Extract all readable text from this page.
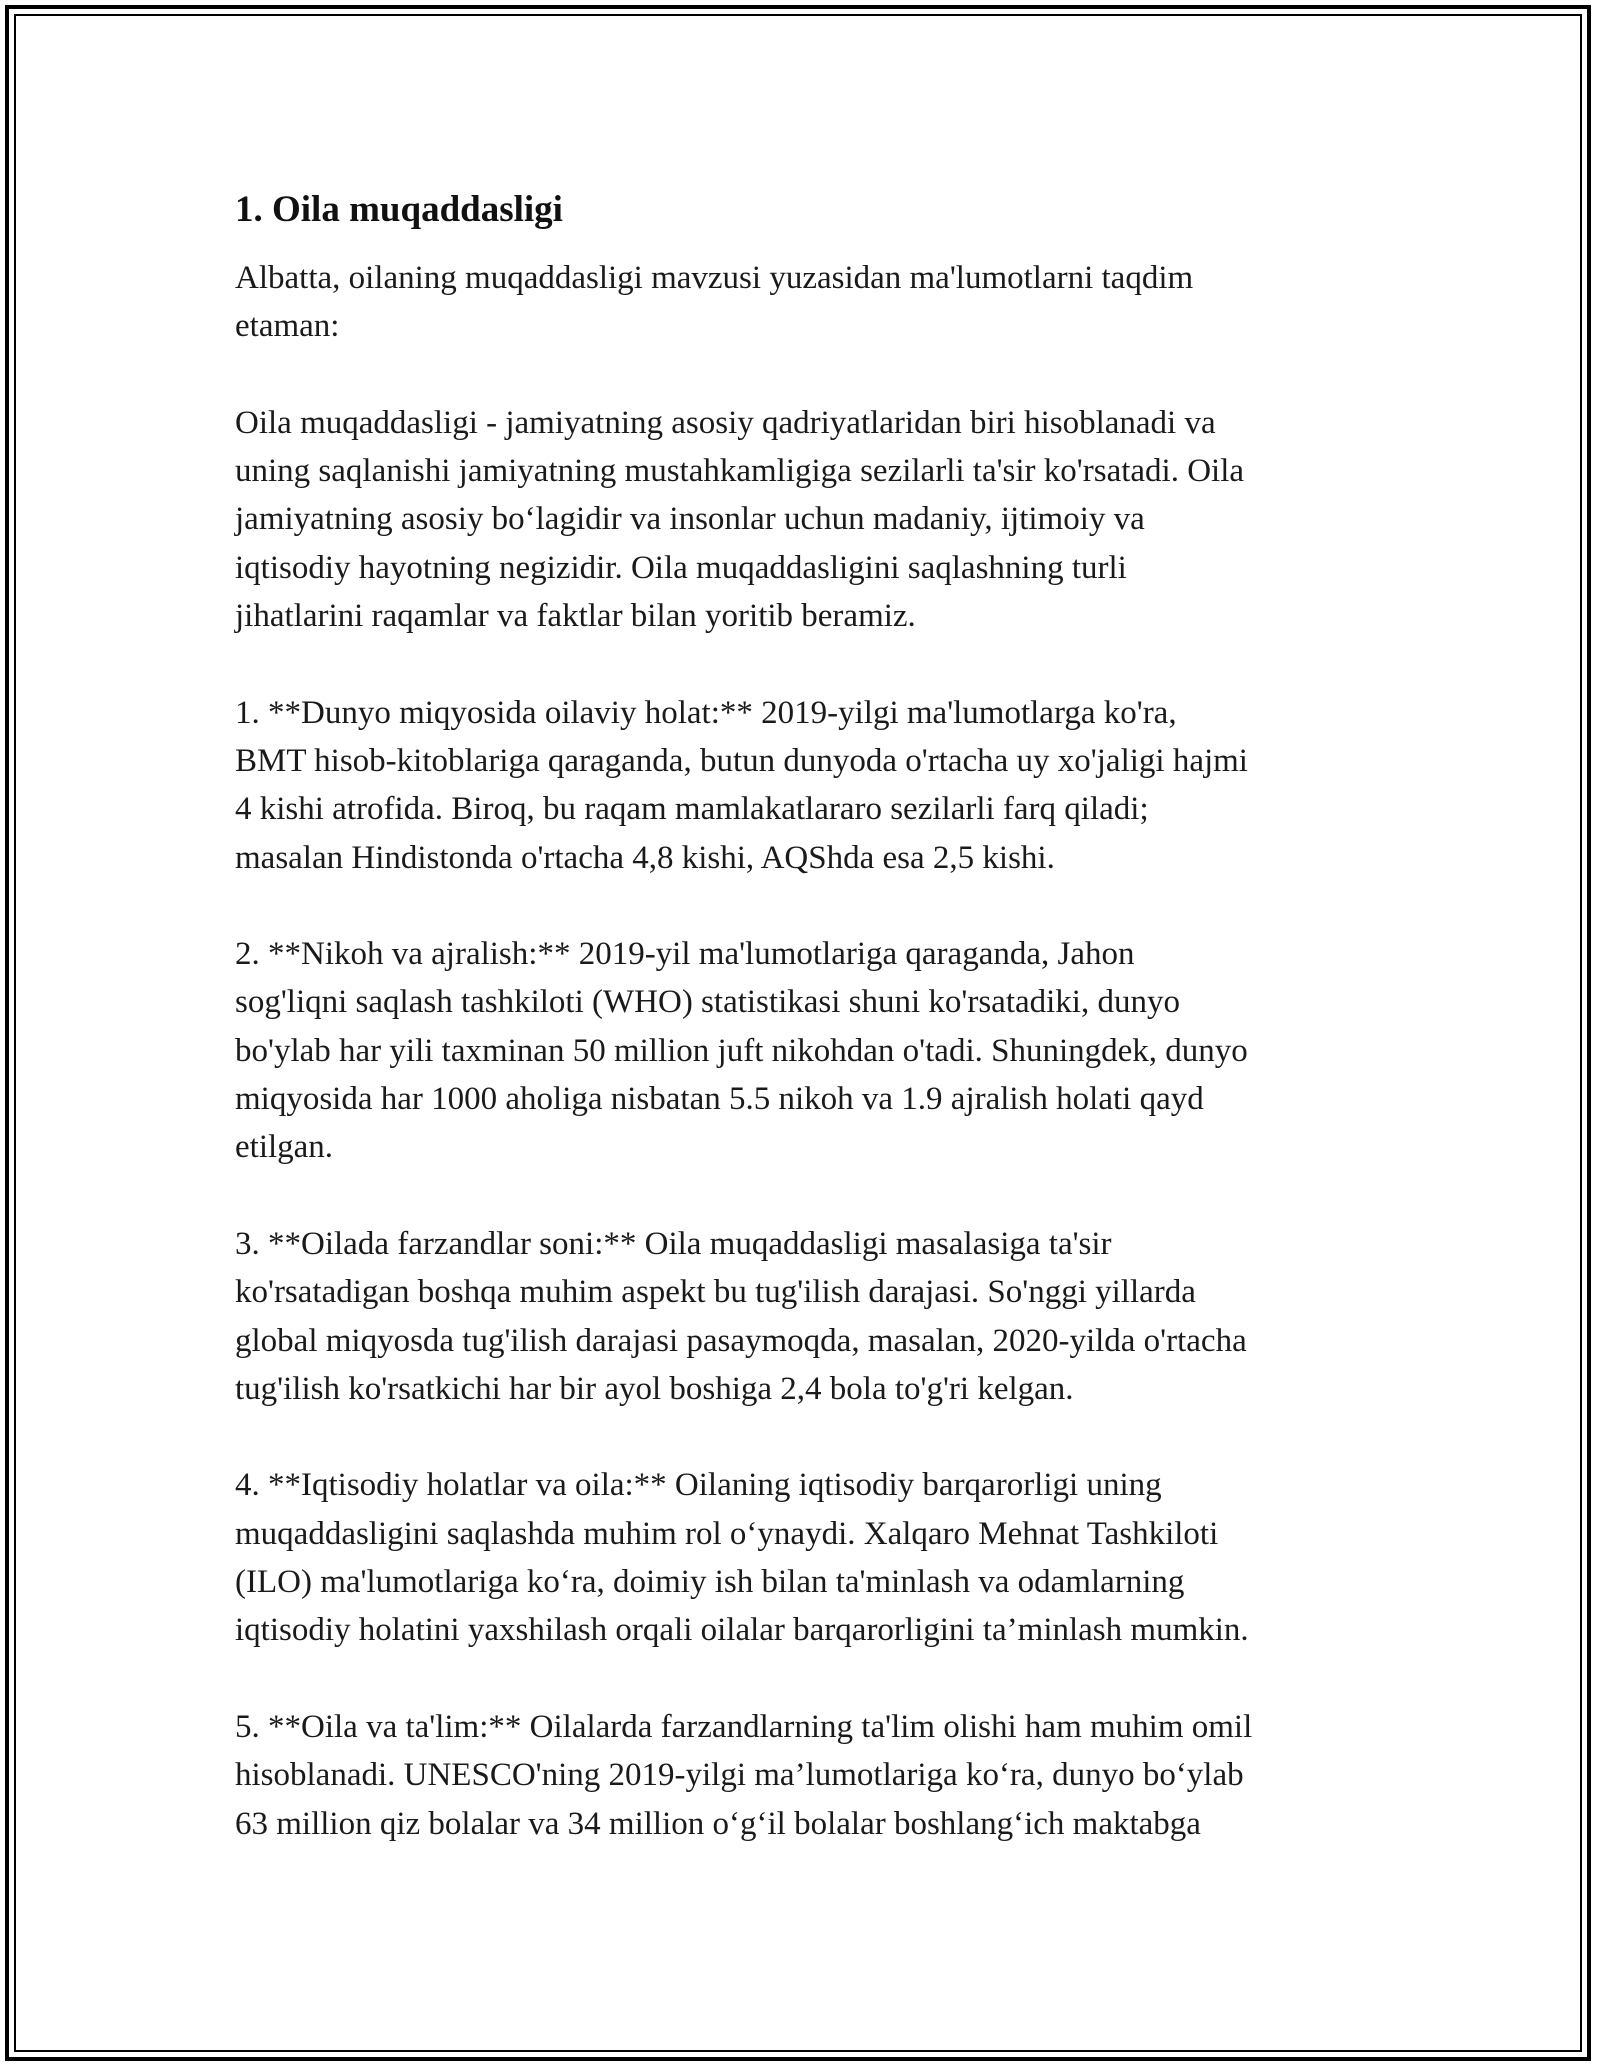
1. Oila muqaddasligi
Albatta, oilaning muqaddasligi mavzusi yuzasidan ma'lumotlarni taqdim
etaman:
Oila muqaddasligi - jamiyatning asosiy qadriyatlaridan biri hisoblanadi va
uning saqlanishi jamiyatning mustahkamligiga sezilarli ta'sir ko'rsatadi. Oila
jamiyatning asosiy bo‘lagidir va insonlar uchun madaniy, ijtimoiy va
iqtisodiy hayotning negizidir. Oila muqaddasligini saqlashning turli
jihatlarini raqamlar va faktlar bilan yoritib beramiz.
1. **Dunyo miqyosida oilaviy holat:** 2019-yilgi ma'lumotlarga ko'ra,
BMT hisob-kitoblariga qaraganda, butun dunyoda o'rtacha uy xo'jaligi hajmi
4 kishi atrofida. Biroq, bu raqam mamlakatlararo sezilarli farq qiladi;
masalan Hindistonda o'rtacha 4,8 kishi, AQShda esa 2,5 kishi.
2. **Nikoh va ajralish:** 2019-yil ma'lumotlariga qaraganda, Jahon
sog'liqni saqlash tashkiloti (WHO) statistikasi shuni ko'rsatadiki, dunyo
bo'ylab har yili taxminan 50 million juft nikohdan o'tadi. Shuningdek, dunyo
miqyosida har 1000 aholiga nisbatan 5.5 nikoh va 1.9 ajralish holati qayd
etilgan.
3. **Oilada farzandlar soni:** Oila muqaddasligi masalasiga ta'sir
ko'rsatadigan boshqa muhim aspekt bu tug'ilish darajasi. So'nggi yillarda
global miqyosda tug'ilish darajasi pasaymoqda, masalan, 2020-yilda o'rtacha
tug'ilish ko'rsatkichi har bir ayol boshiga 2,4 bola to'g'ri kelgan.
4. **Iqtisodiy holatlar va oila:** Oilaning iqtisodiy barqarorligi uning
muqaddasligini saqlashda muhim rol o‘ynaydi. Xalqaro Mehnat Tashkiloti
(ILO) ma'lumotlariga ko‘ra, doimiy ish bilan ta'minlash va odamlarning
iqtisodiy holatini yaxshilash orqali oilalar barqarorligini ta’minlash mumkin.
5. **Oila va ta'lim:** Oilalarda farzandlarning ta'lim olishi ham muhim omil
hisoblanadi. UNESCO'ning 2019-yilgi ma’lumotlariga ko‘ra, dunyo bo‘ylab
63 million qiz bolalar va 34 million o‘g‘il bolalar boshlang‘ich maktabga
